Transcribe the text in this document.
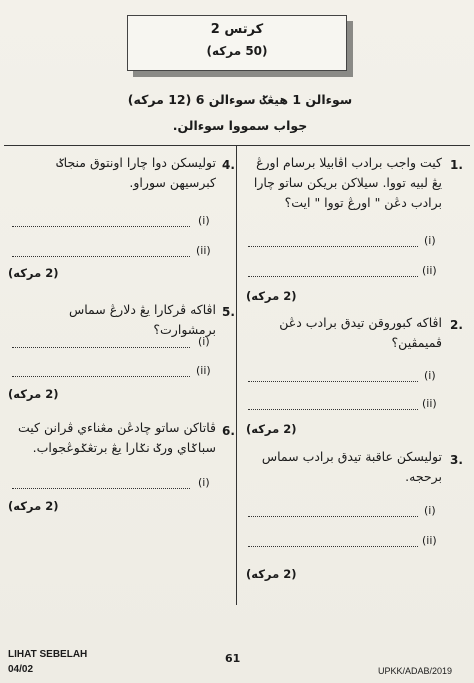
كرتس 2
(50 مركه)
سوءالن 1 هيڠݢ سوءالن 6 (12 مركه)
جواب سمووا سوءالن.
1.
كيت واجب برادب اڤابيلا برسام اورڠ يڠ لبيه تووا. سيلاكن بريكن ساتو چارا برادب دڠن " اورڠ تووا " ايت؟
(i)
(ii)
(2 مركه)
2.
اڤاكه كبوروقن تيدق برادب دڠن ڤميمڤين؟
(i)
(ii)
(2 مركه)
3.
توليسكن عاقبة تيدق برادب سماس برحجه.
(i)
(ii)
(2 مركه)
4.
توليسكن دوا چارا اونتوق منجاݢ كبرسيهن سوراو.
(i)
(ii)
(2 مركه)
5.
اڤاكه ڤركارا يڠ دلارڠ سماس برمشوارت؟
(i)
(ii)
(2 مركه)
6.
ڤاتاكن ساتو چادڠن مڠناءي ڤرانن كيت سباݢاي ورݢ نݢارا يڠ برتڠݢوڠجواب.
(i)
(2 مركه)
LIHAT SEBELAH
04/02
61
UPKK/ADAB/2019
